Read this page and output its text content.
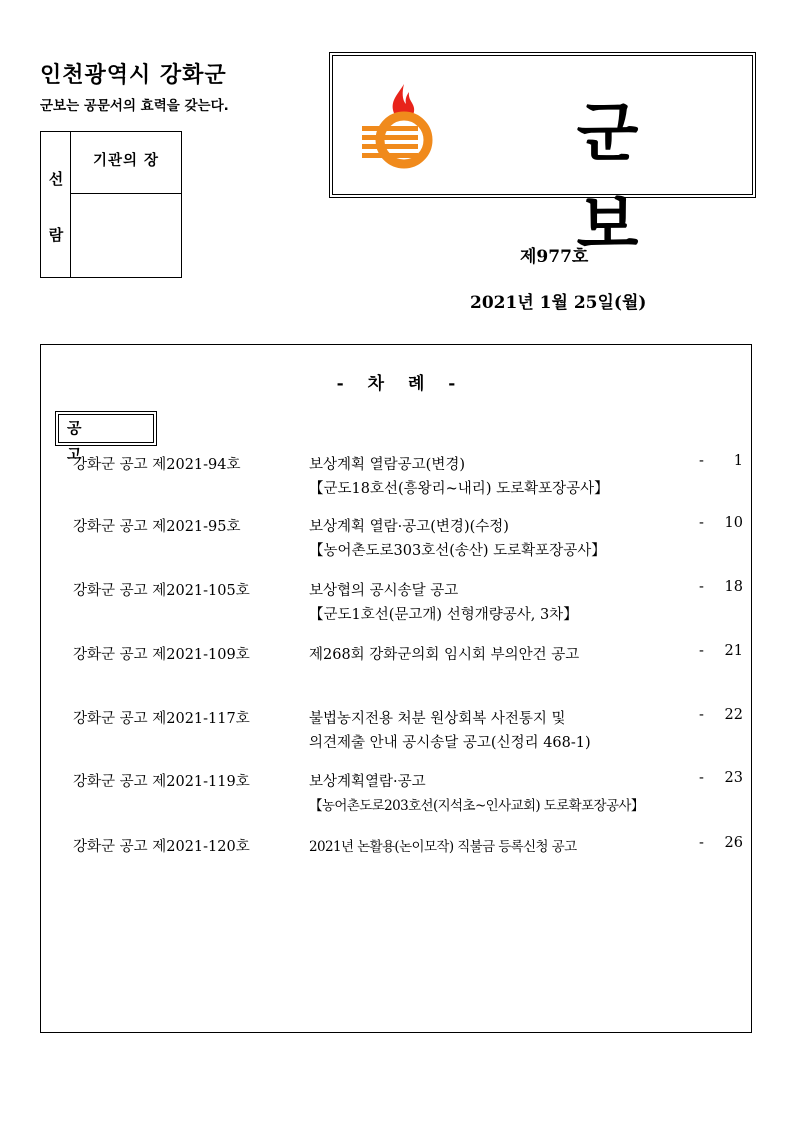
인천광역시 강화군
군보는 공문서의 효력을 갖는다.
선
람
기관의 장	군 보
제977호
2021년 1월 25일(월)
- 차 례 -
공 고
강화군 공고 제2021-94호	보상계획 열람공고(변경)
【군도18호선(흥왕리~내리) 도로확포장공사】
- 1
강화군 공고 제2021-95호	보상계획 열람·공고(변경)(수정)
【농어촌도로303호선(송산) 도로확포장공사】
- 10
강화군 공고 제2021-105호	보상협의 공시송달 공고
【군도1호선(문고개) 선형개량공사, 3차】
- 18
강화군 공고 제2021-109호	제268회 강화군의회 임시회 부의안건 공고	- 21
강화군 공고 제2021-117호	불법농지전용 처분 원상회복 사전통지 및
의견제출 안내 공시송달 공고(신정리 468-1)
- 22
강화군 공고 제2021-119호	보상계획열람·공고
【농어촌도로203호선(지석초~인사교회) 도로확포장공사】
- 23
강화군 공고 제2021-120호	2021년 논활용(논이모작) 직불금 등록신청 공고	- 26
